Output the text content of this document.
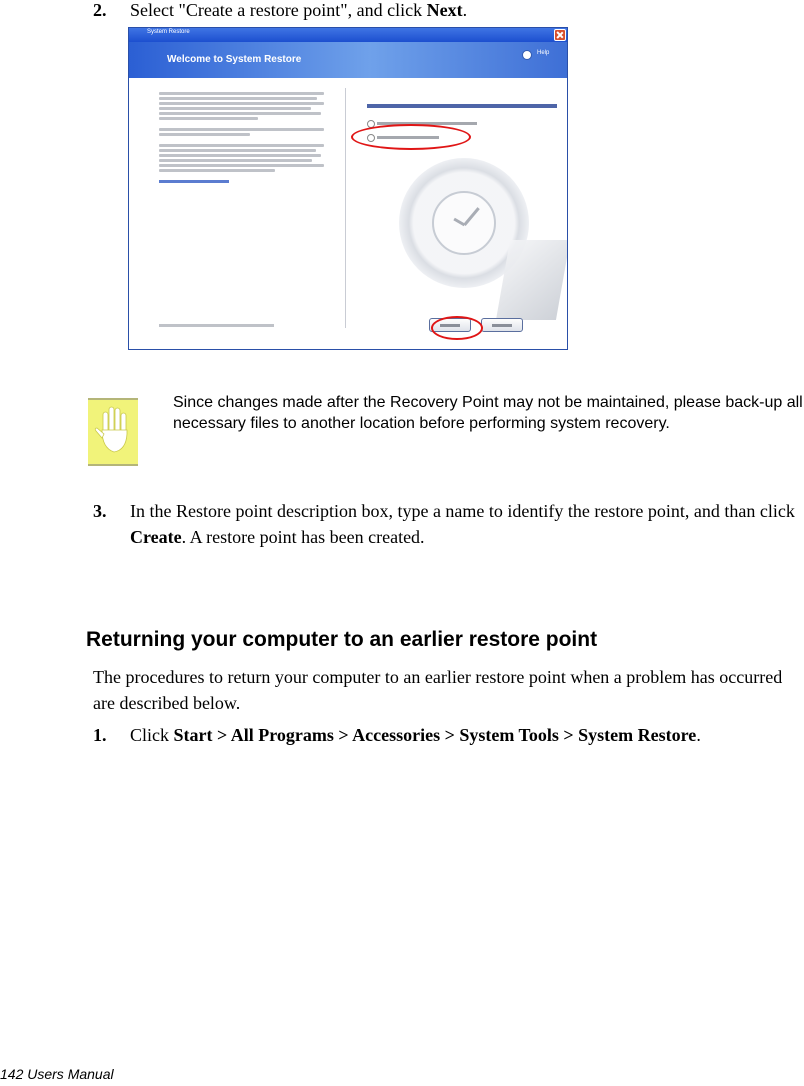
2. Select "Create a restore point", and click Next.
System Restore
Welcome to System Restore
Help
Since changes made after the Recovery Point may not be maintained, please back-up all necessary files to another location before performing system recovery.
3. In the Restore point description box, type a name to identify the restore point, and than click Create. A restore point has been created.
Returning your computer to an earlier restore point
The procedures to return your computer to an earlier restore point when a problem has occurred are described below.
1. Click Start > All Programs > Accessories > System Tools > System Restore.
142 Users Manual
